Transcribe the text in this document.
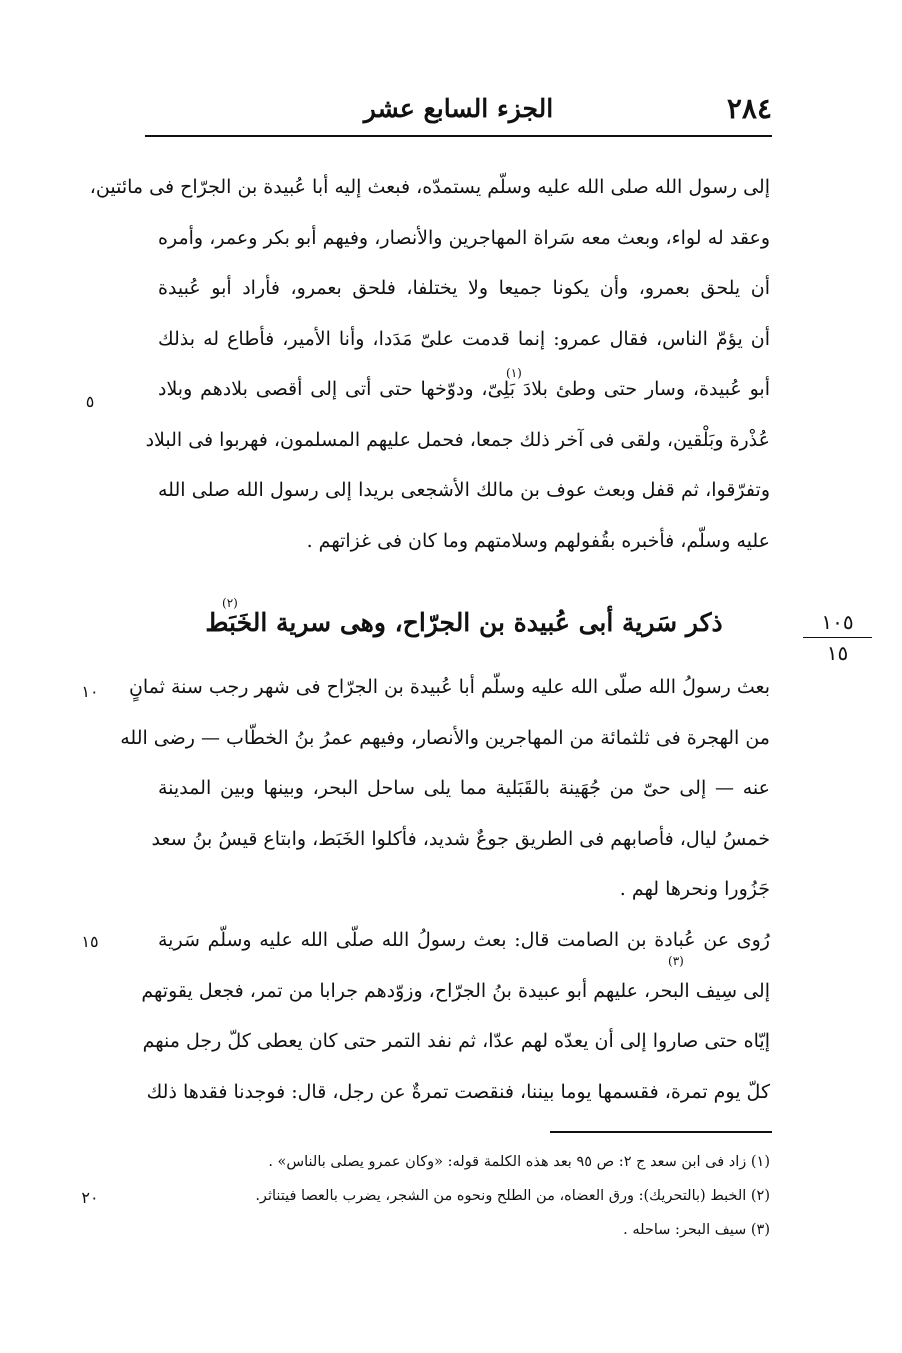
٢٨٤
الجزء السابع عشر
إلى رسول الله صلى الله عليه وسلّم يستمدّه، فبعث إليه أبا عُبيدة بن الجرّاح فى مائتين،
وعقد له لواء، وبعث معه سَراة المهاجرين والأنصار، وفيهم أبو بكر وعمر، وأمره
أن يلحق بعمرو، وأن يكونا جميعا ولا يختلفا، فلحق بعمرو، فأراد أبو عُبيدة
أن يؤمّ الناس، فقال عمرو: إنما قدمت علىّ مَدَدا، وأنا الأمير، فأطاع له بذلك
أبو عُبيدة، وسار حتى وطئ بلادَ بَلِىّ، ودوّخها حتى أتى إلى أقصى بلادهم وبلاد
عُذْرة وبَلْقين، ولقى فى آخر ذلك جمعا، فحمل عليهم المسلمون، فهربوا فى البلاد
وتفرّقوا، ثم قفل وبعث عوف بن مالك الأشجعى بريدا إلى رسول الله صلى الله
عليه وسلّم، فأخبره بقُفولهم وسلامتهم وما كان فى غزاتهم .
(١)
ذكر سَرية أبى عُبيدة بن الجرّاح، وهى سرية الخَبَط
(٢)
بعث رسولُ الله صلّى الله عليه وسلّم أبا عُبيدة بن الجرّاح فى شهر رجب سنة ثمانٍ
من الهجرة فى ثلثمائة من المهاجرين والأنصار، وفيهم عمرُ بنُ الخطّاب — رضى الله
عنه — إلى حىّ من جُهَينة بالقَبَلية مما يلى ساحل البحر، وبينها وبين المدينة
خمسُ ليال، فأصابهم فى الطريق جوعٌ شديد، فأكلوا الخَبَط، وابتاع قيسُ بنُ سعد
جَزُورا ونحرها لهم .
رُوى عن عُبادة بن الصامت قال: بعث رسولُ الله صلّى الله عليه وسلّم سَرية
إلى سِيف البحر، عليهم أبو عبيدة بنُ الجرّاح، وزوّدهم جرابا من تمر، فجعل يقوتهم
إيّاه حتى صاروا إلى أن يعدّه لهم عدّا، ثم نفد التمر حتى كان يعطى كلّ رجل منهم
كلّ يوم تمرة، فقسمها يوما بيننا، فنقصت تمرةٌ عن رجل، قال: فوجدنا فقدها ذلك
(٣)
٥
١٠
١٥
٢٠
١٠٥
١٥
(١) زاد فى ابن سعد ج ٢: ص ٩٥ بعد هذه الكلمة قوله: «وكان عمرو يصلى بالناس» .
(٢) الخبط (بالتحريك): ورق العضاه، من الطلح ونحوه من الشجر، يضرب بالعصا فيتناثر.
(٣) سيف البحر: ساحله .
